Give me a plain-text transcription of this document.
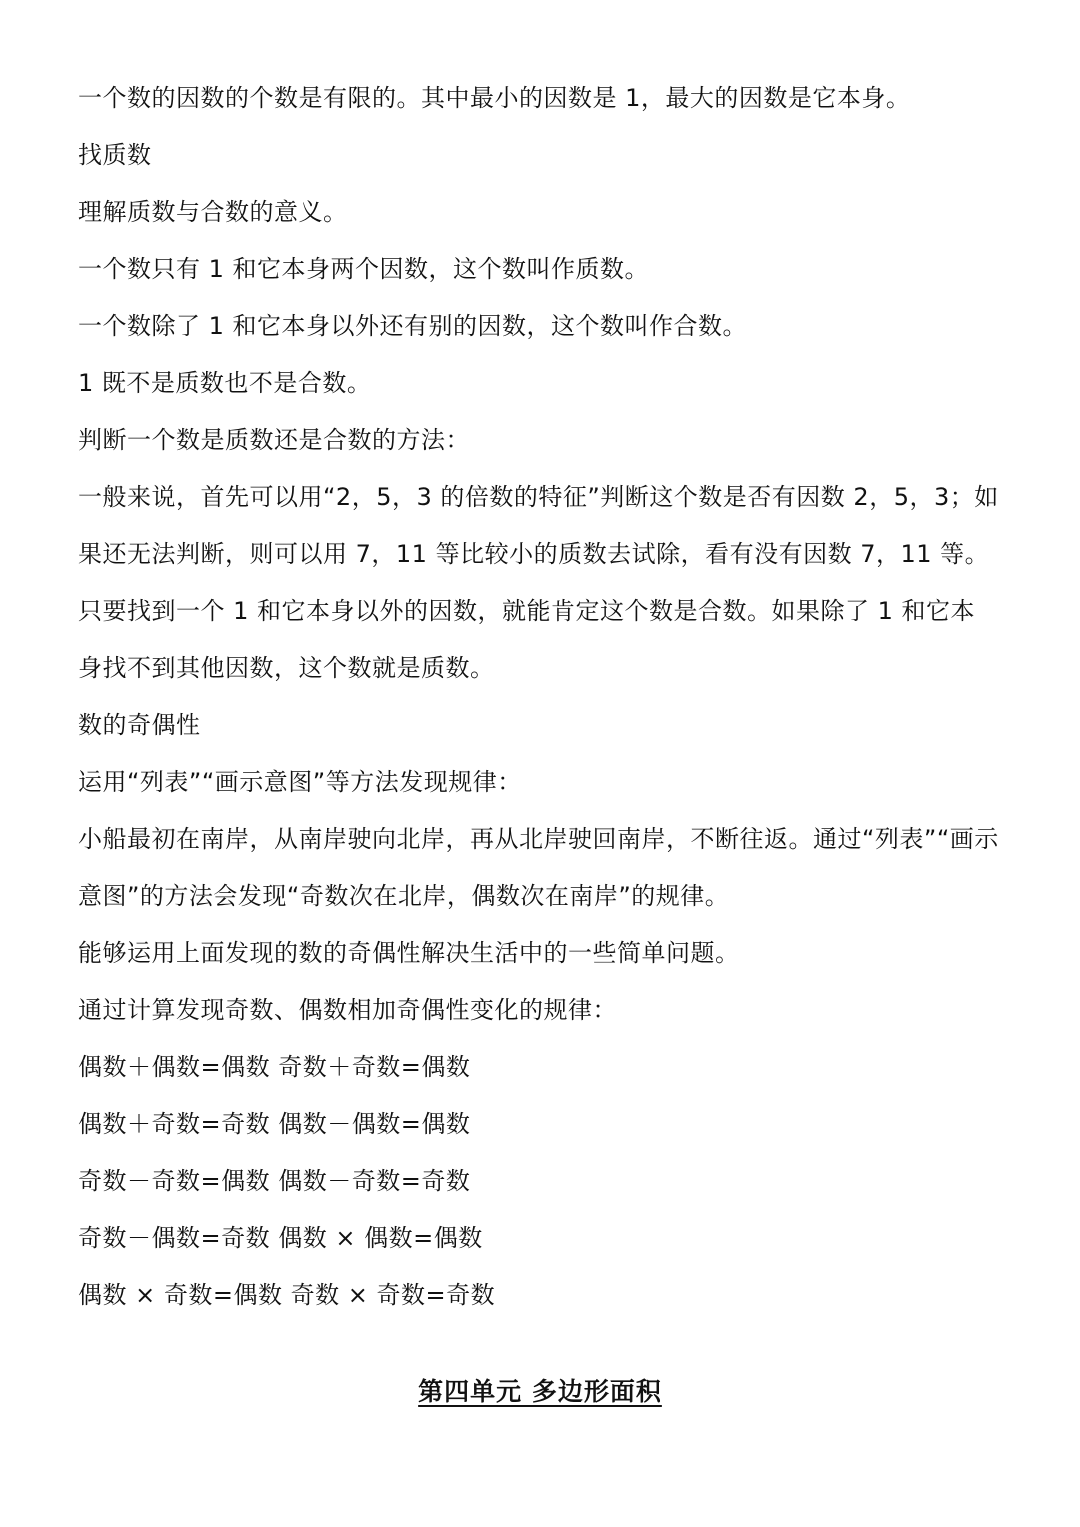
一个数的因数的个数是有限的。其中最小的因数是 1，最大的因数是它本身。
找质数
理解质数与合数的意义。
一个数只有 1 和它本身两个因数，这个数叫作质数。
一个数除了 1 和它本身以外还有别的因数，这个数叫作合数。
1 既不是质数也不是合数。
判断一个数是质数还是合数的方法：
一般来说，首先可以用“2，5，3 的倍数的特征”判断这个数是否有因数 2，5，3；如
果还无法判断，则可以用 7，11 等比较小的质数去试除，看有没有因数 7，11 等。
只要找到一个 1 和它本身以外的因数，就能肯定这个数是合数。如果除了 1 和它本
身找不到其他因数，这个数就是质数。
数的奇偶性
运用“列表”“画示意图”等方法发现规律：
小船最初在南岸，从南岸驶向北岸，再从北岸驶回南岸，不断往返。通过“列表”“画示
意图”的方法会发现“奇数次在北岸，偶数次在南岸”的规律。
能够运用上面发现的数的奇偶性解决生活中的一些简单问题。
通过计算发现奇数、偶数相加奇偶性变化的规律：
偶数＋偶数=偶数 奇数＋奇数=偶数
偶数＋奇数=奇数 偶数－偶数=偶数
奇数－奇数=偶数 偶数－奇数=奇数
奇数－偶数=奇数 偶数 × 偶数=偶数
偶数 × 奇数=偶数 奇数 × 奇数=奇数
第四单元 多边形面积
